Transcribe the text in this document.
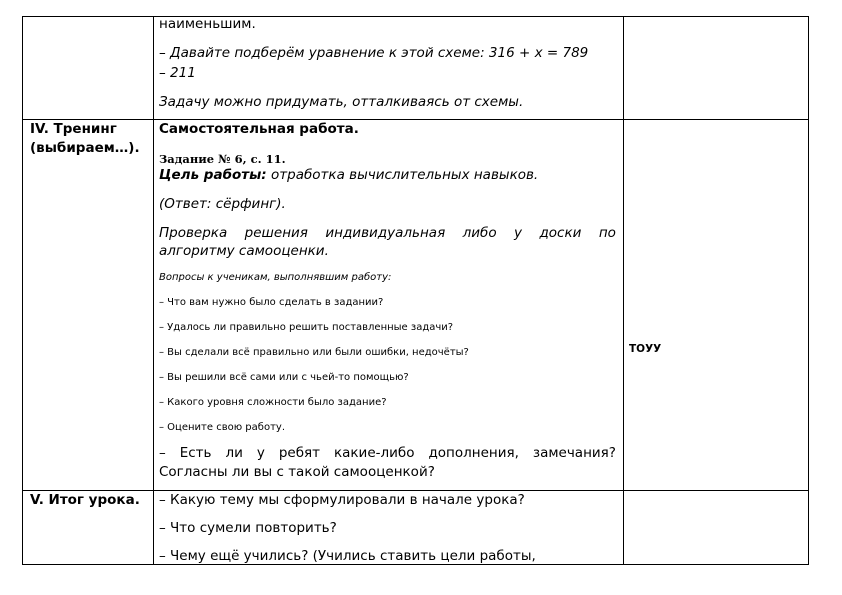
наименьшим.
– Давайте подберём уравнение к этой схеме: 316 + x = 789
– 211
Задачу можно придумать, отталкиваясь от схемы.
IV. Тренинг
(выбираем…).
Самостоятельная работа.
Задание № 6, с. 11.
Цель работы: отработка вычислительных навыков.
(Ответ: сёрфинг).
Проверка решения индивидуальная либо у доски по
алгоритму самооценки.
Вопросы к ученикам, выполнявшим работу:
– Что вам нужно было сделать в задании?
– Удалось ли правильно решить поставленные задачи?
– Вы сделали всё правильно или были ошибки, недочёты?
– Вы решили всё сами или с чьей-то помощью?
– Какого уровня сложности было задание?
– Оцените свою работу.
– Есть ли у ребят какие-либо дополнения, замечания?
Согласны ли вы с такой самооценкой?
ТОУУ
V. Итог урока. – Какую тему мы сформулировали в начале урока?
– Что сумели повторить?
– Чему ещё учились? (Учились ставить цели работы,
